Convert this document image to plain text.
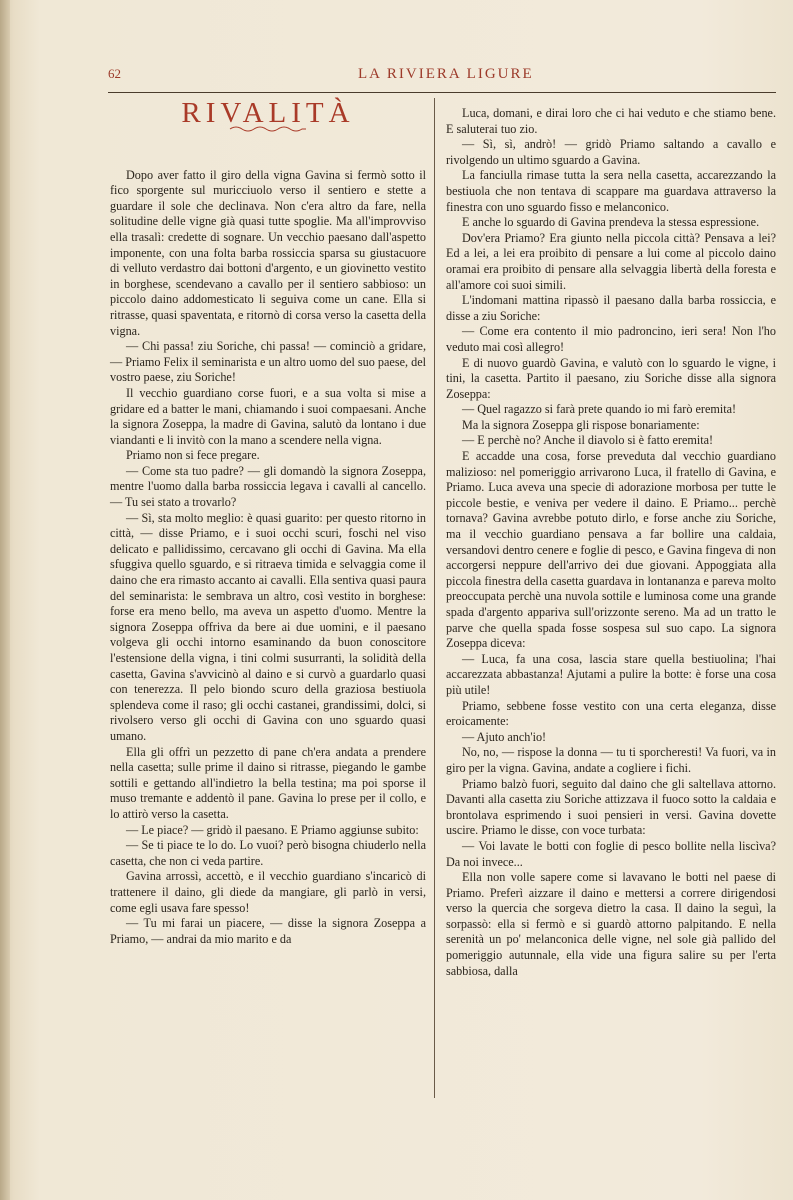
62	LA RIVIERA LIGURE
RIVALITÀ

Dopo aver fatto il giro della vigna Gavina si fermò sotto il fico sporgente sul muricciuolo verso il sentiero e stette a guardare il sole che declinava. Non c'era altro da fare, nella solitudine delle vigne già quasi tutte spoglie. Ma all'improvviso ella trasalì: credette di sognare. Un vecchio paesano dall'aspetto imponente, con una folta barba rossiccia sparsa su giustacuore di velluto verdastro dai bottoni d'argento, e un giovinetto vestito in borghese, scendevano a cavallo per il sentiero sabbioso: un piccolo daino addomesticato li seguiva come un cane. Ella si ritrasse, quasi spaventata, e ritornò di corsa verso la casetta della vigna.

— Chi passa! ziu Soriche, chi passa! — cominciò a gridare, — Priamo Felix il seminarista e un altro uomo del suo paese, del vostro paese, ziu Soriche!

Il vecchio guardiano corse fuori, e a sua volta si mise a gridare ed a batter le mani, chiamando i suoi compaesani. Anche la signora Zoseppa, la madre di Gavina, salutò da lontano i due viandanti e li invitò con la mano a scendere nella vigna.

Priamo non si fece pregare.

— Come sta tuo padre? — gli domandò la signora Zoseppa, mentre l'uomo dalla barba rossiccia legava i cavalli al cancello. — Tu sei stato a trovarlo?

— Sì, sta molto meglio: è quasi guarito: per questo ritorno in città, — disse Priamo, e i suoi occhi scuri, foschi nel viso delicato e pallidissimo, cercavano gli occhi di Gavina. Ma ella sfuggiva quello sguardo, e si ritraeva timida e selvaggia come il daino che era rimasto accanto ai cavalli. Ella sentiva quasi paura del seminarista: le sembrava un altro, così vestito in borghese: forse era meno bello, ma aveva un aspetto d'uomo. Mentre la signora Zoseppa offriva da bere ai due uomini, e il paesano volgeva gli occhi intorno esaminando da buon conoscitore l'estensione della vigna, i tini colmi susurranti, la solidità della casetta, Gavina s'avvicinò al daino e si curvò a guardarlo quasi con tenerezza. Il pelo biondo scuro della graziosa bestiuola splendeva come il raso; gli occhi castanei, grandissimi, dolci, si rivolsero verso gli occhi di Gavina con uno sguardo quasi umano.

Ella gli offrì un pezzetto di pane ch'era andata a prendere nella casetta; sulle prime il daino si ritrasse, piegando le gambe sottili e gettando all'indietro la bella testina; ma poi sporse il muso tremante e addentò il pane. Gavina lo prese per il collo, e lo attirò verso la casetta.

— Le piace? — gridò il paesano. E Priamo aggiunse subito:

— Se ti piace te lo do. Lo vuoi? però bisogna chiuderlo nella casetta, che non ci veda partire.

Gavina arrossì, accettò, e il vecchio guardiano s'incaricò di trattenere il daino, gli diede da mangiare, gli parlò in versi, come egli usava fare spesso!

— Tu mi farai un piacere, — disse la signora Zoseppa a Priamo, — andrai da mio marito e da

Luca, domani, e dirai loro che ci hai veduto e che stiamo bene. E saluterai tuo zio.

— Sì, sì, andrò! — gridò Priamo saltando a cavallo e rivolgendo un ultimo sguardo a Gavina.

La fanciulla rimase tutta la sera nella casetta, accarezzando la bestiuola che non tentava di scappare ma guardava attraverso la finestra con uno sguardo fisso e melanconico.

E anche lo sguardo di Gavina prendeva la stessa espressione.

Dov'era Priamo? Era giunto nella piccola città? Pensava a lei? Ed a lei, a lei era proibito di pensare a lui come al piccolo daino oramai era proibito di pensare alla selvaggia libertà della foresta e all'amore coi suoi simili.

L'indomani mattina ripassò il paesano dalla barba rossiccia, e disse a ziu Soriche:

— Come era contento il mio padroncino, ieri sera! Non l'ho veduto mai così allegro!

E di nuovo guardò Gavina, e valutò con lo sguardo le vigne, i tini, la casetta. Partito il paesano, ziu Soriche disse alla signora Zoseppa:

— Quel ragazzo si farà prete quando io mi farò eremita!

Ma la signora Zoseppa gli rispose bonariamente:

— E perchè no? Anche il diavolo si è fatto eremita!

E accadde una cosa, forse preveduta dal vecchio guardiano malizioso: nel pomeriggio arrivarono Luca, il fratello di Gavina, e Priamo. Luca aveva una specie di adorazione morbosa per tutte le piccole bestie, e veniva per vedere il daino. E Priamo... perchè tornava? Gavina avrebbe potuto dirlo, e forse anche ziu Soriche, ma il vecchio guardiano pensava a far bollire una caldaia, versandovi dentro cenere e foglie di pesco, e Gavina fingeva di non accorgersi neppure dell'arrivo dei due giovani. Appoggiata alla piccola finestra della casetta guardava in lontananza e pareva molto preoccupata perchè una nuvola sottile e luminosa come una grande spada d'argento appariva sull'orizzonte sereno. Ma ad un tratto le parve che quella spada fosse sospesa sul suo capo. La signora Zoseppa diceva:

— Luca, fa una cosa, lascia stare quella bestiuolina; l'hai accarezzata abbastanza! Ajutami a pulire la botte: è forse una cosa più utile!

Priamo, sebbene fosse vestito con una certa eleganza, disse eroicamente:

— Ajuto anch'io!

No, no, — rispose la donna — tu ti sporcheresti! Va fuori, va in giro per la vigna. Gavina, andate a cogliere i fichi.

Priamo balzò fuori, seguito dal daino che gli saltellava attorno. Davanti alla casetta ziu Soriche attizzava il fuoco sotto la caldaia e brontolava esprimendo i suoi pensieri in versi. Gavina dovette uscire. Priamo le disse, con voce turbata:

— Voi lavate le botti con foglie di pesco bollite nella liscìva? Da noi invece...

Ella non volle sapere come si lavavano le botti nel paese di Priamo. Preferì aizzare il daino e mettersi a correre dirigendosi verso la quercia che sorgeva dietro la casa. Il daino la seguì, la sorpassò: ella si fermò e si guardò attorno palpitando. E nella serenità un po' melanconica delle vigne, nel sole già pallido del pomeriggio autunnale, ella vide una figura salire su per l'erta sabbiosa, dalla
